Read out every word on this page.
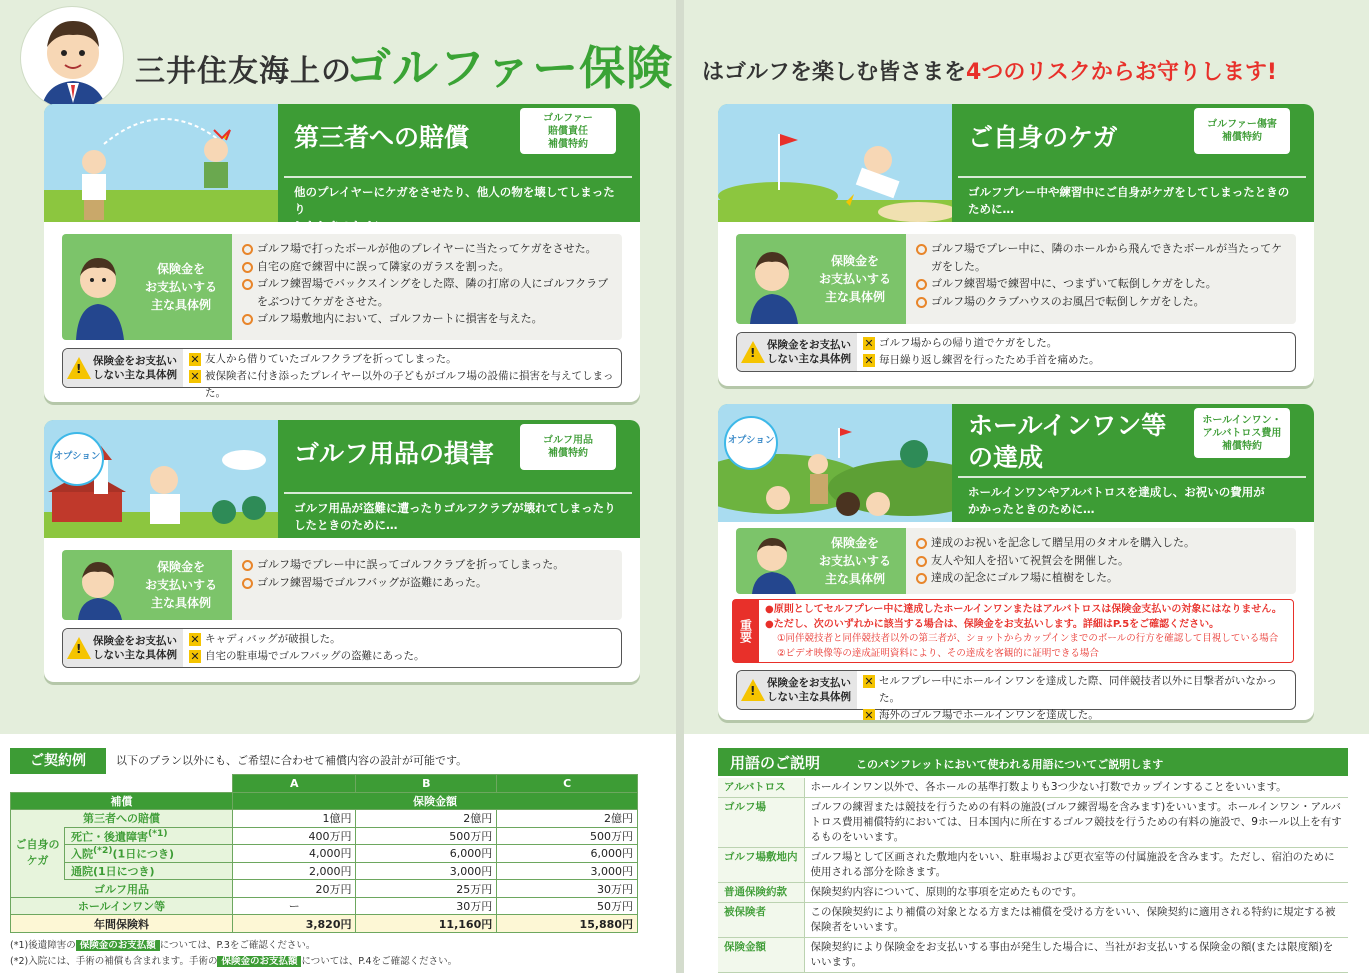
三井住友海上の
ゴルファー保険 はゴルフを楽しむ皆さまを4つのリスクからお守りします!
第三者への賠償
ゴルファー
賠償責任
補償特約
他のプレイヤーにケガをさせたり、他人の物を壊してしまったり
したときのために…
保険金を
お支払いする
主な具体例
ゴルフ場で打ったボールが他のプレイヤーに当たってケガをさせた。
自宅の庭で練習中に誤って隣家のガラスを割った。
ゴルフ練習場でバックスイングをした際、隣の打席の人にゴルフクラブをぶつけてケガをさせた。
ゴルフ場敷地内において、ゴルフカートに損害を与えた。
!
保険金をお支払い
しない主な具体例
✕ 友人から借りていたゴルフクラブを折ってしまった。
✕ 被保険者に付き添ったプレイヤー以外の子どもがゴルフ場の設備に損害を与えてしまった。
オプション	ゴルフ用品の損害	ゴルフ用品
補償特約
ゴルフ用品が盗難に遭ったりゴルフクラブが壊れてしまったり
したときのために…
保険金を
お支払いする
主な具体例
ゴルフ場でプレー中に誤ってゴルフクラブを折ってしまった。
ゴルフ練習場でゴルフバッグが盗難にあった。
!
保険金をお支払い
しない主な具体例
✕ キャディバッグが破損した。
✕ 自宅の駐車場でゴルフバッグの盗難にあった。
ご自身のケガ	ゴルファー傷害
補償特約
ゴルフプレー中や練習中にご自身がケガをしてしまったときの
ために…
保険金を
お支払いする
主な具体例
ゴルフ場でプレー中に、隣のホールから飛んできたボールが当たってケガをした。
ゴルフ練習場で練習中に、つまずいて転倒しケガをした。
ゴルフ場のクラブハウスのお風呂で転倒しケガをした。
!
保険金をお支払い
しない主な具体例
✕ ゴルフ場からの帰り道でケガをした。
✕ 毎日繰り返し練習を行ったため手首を痛めた。
オプション
ホールインワン等
の達成
ホールインワン・
アルバトロス費用
補償特約
ホールインワンやアルバトロスを達成し、お祝いの費用が
かかったときのために…
保険金を
お支払いする
主な具体例
達成のお祝いを記念して贈呈用のタオルを購入した。
友人や知人を招いて祝賀会を開催した。
達成の記念にゴルフ場に植樹をした。
!
保険金をお支払い
しない主な具体例
✕ セルフプレー中にホールインワンを達成した際、同伴競技者以外に目撃者がいなかった。
✕ 海外のゴルフ場でホールインワンを達成した。
重要
●原則としてセルフプレー中に達成したホールインワンまたはアルバトロスは保険金支払いの対象にはなりません。
●ただし、次のいずれかに該当する場合は、保険金をお支払いします。詳細はP.5をご確認ください。
①同伴競技者と同伴競技者以外の第三者が、ショットからカップインまでのボールの行方を確認して目視している場合
②ビデオ映像等の達成証明資料により、その達成を客観的に証明できる場合
ご契約例	以下のプラン以外にも、ご希望に合わせて補償内容の設計が可能です。
	A	B	C
補償	保険金額		
第三者への賠償	1億円	2億円	2億円
死亡・後遺障害$^{(*1)}$	400万円	500万円	500万円
入院$^{(*2)}$(1日につき)	4,000円	6,000円	6,000円
通院(1日につき)	2,000円	3,000円	3,000円
ゴルフ用品	20万円	25万円	30万円
ホールインワン等	ー	30万円	50万円
年間保険料	3,820円	11,160円	15,880円
ご自身の
ケガ
(*1)後遺障害の 保険金のお支払額 については、P.3をご確認ください。
(*2)入院には、手術の補償も含まれます。手術の 保険金のお支払額 については、P.4をご確認ください。
用語のご説明	このパンフレットにおいて使われる用語についてご説明します
アルバトロス	ホールインワン以外で、各ホールの基準打数よりも3つ少ない打数でカップインすることをいいます。
ゴルフ場	ゴルフの練習または競技を行うための有料の施設(ゴルフ練習場を含みます)をいいます。ホールインワン・アルバトロス費用補償特約においては、日本国内に所在するゴルフ競技を行うための有料の施設で、9ホール以上を有するものをいいます。
ゴルフ場敷地内	ゴルフ場として区画された敷地内をいい、駐車場および更衣室等の付属施設を含みます。ただし、宿泊のために使用される部分を除きます。
普通保険約款	保険契約内容について、原則的な事項を定めたものです。
被保険者	この保険契約により補償の対象となる方または補償を受ける方をいい、保険契約に適用される特約に規定する被保険者をいいます。
保険金額	保険契約により保険金をお支払いする事由が発生した場合に、当社がお支払いする保険金の額(または限度額)をいいます。
